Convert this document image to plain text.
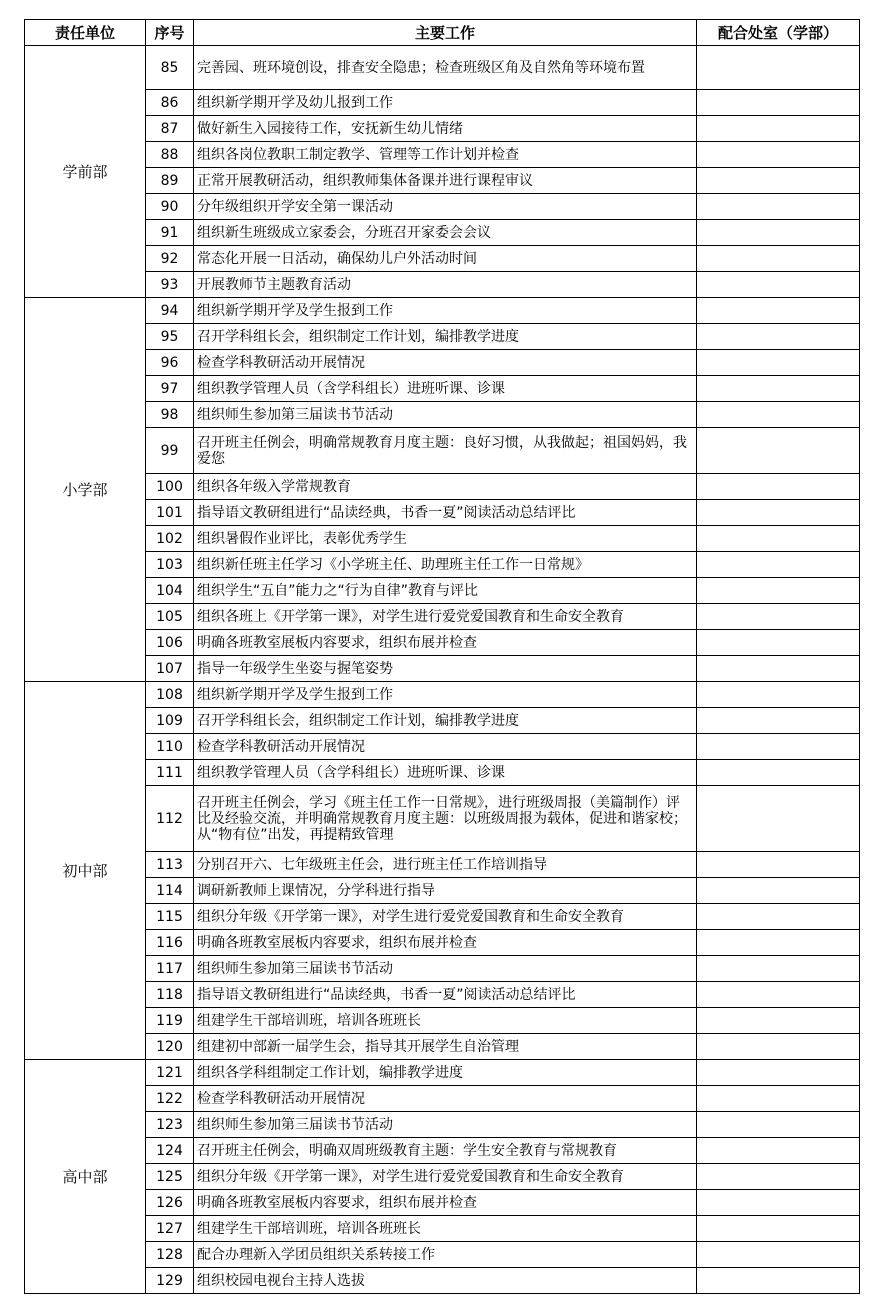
责任单位	序号	主要工作	配合处室（学部）
学前部	85	完善园、班环境创设，排查安全隐患；检查班级区角及自然角等环境布置	
	86	组织新学期开学及幼儿报到工作	
	87	做好新生入园接待工作，安抚新生幼儿情绪	
	88	组织各岗位教职工制定教学、管理等工作计划并检查	
	89	正常开展教研活动，组织教师集体备课并进行课程审议	
	90	分年级组织开学安全第一课活动	
	91	组织新生班级成立家委会，分班召开家委会会议	
	92	常态化开展一日活动，确保幼儿户外活动时间	
	93	开展教师节主题教育活动	
小学部	94	组织新学期开学及学生报到工作	
	95	召开学科组长会，组织制定工作计划，编排教学进度	
	96	检查学科教研活动开展情况	
	97	组织教学管理人员（含学科组长）进班听课、诊课	
	98	组织师生参加第三届读书节活动	
	99	召开班主任例会，明确常规教育月度主题：良好习惯，从我做起；祖国妈妈，我爱您	
	100	组织各年级入学常规教育	
	101	指导语文教研组进行“品读经典，书香一夏”阅读活动总结评比	
	102	组织暑假作业评比，表彰优秀学生	
	103	组织新任班主任学习《小学班主任、助理班主任工作一日常规》	
	104	组织学生“五自”能力之“行为自律”教育与评比	
	105	组织各班上《开学第一课》，对学生进行爱党爱国教育和生命安全教育	
	106	明确各班教室展板内容要求，组织布展并检查	
	107	指导一年级学生坐姿与握笔姿势	
初中部	108	组织新学期开学及学生报到工作	
	109	召开学科组长会，组织制定工作计划，编排教学进度	
	110	检查学科教研活动开展情况	
	111	组织教学管理人员（含学科组长）进班听课、诊课	
	112	召开班主任例会，学习《班主任工作一日常规》，进行班级周报（美篇制作）评比及经验交流，并明确常规教育月度主题：以班级周报为载体，促进和谐家校；从“物有位”出发，再提精致管理	
	113	分别召开六、七年级班主任会，进行班主任工作培训指导	
	114	调研新教师上课情况，分学科进行指导	
	115	组织分年级《开学第一课》，对学生进行爱党爱国教育和生命安全教育	
	116	明确各班教室展板内容要求，组织布展并检查	
	117	组织师生参加第三届读书节活动	
	118	指导语文教研组进行“品读经典，书香一夏”阅读活动总结评比	
	119	组建学生干部培训班，培训各班班长	
	120	组建初中部新一届学生会，指导其开展学生自治管理	
高中部	121	组织各学科组制定工作计划，编排教学进度	
	122	检查学科教研活动开展情况	
	123	组织师生参加第三届读书节活动	
	124	召开班主任例会，明确双周班级教育主题：学生安全教育与常规教育	
	125	组织分年级《开学第一课》，对学生进行爱党爱国教育和生命安全教育	
	126	明确各班教室展板内容要求，组织布展并检查	
	127	组建学生干部培训班，培训各班班长	
	128	配合办理新入学团员组织关系转接工作	
	129	组织校园电视台主持人选拔	
